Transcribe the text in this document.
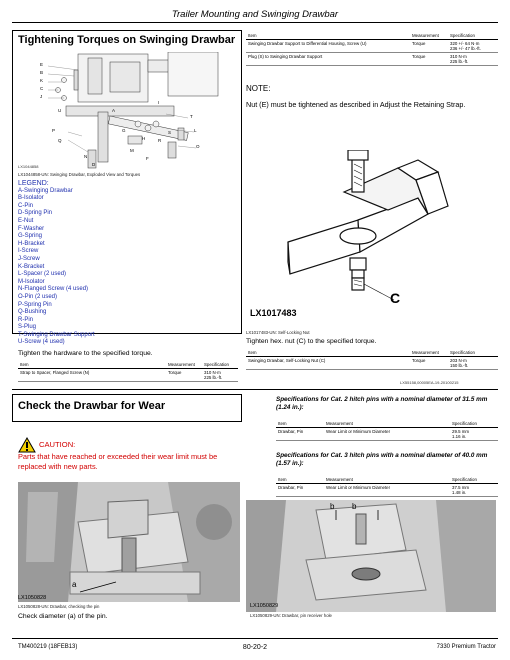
Trailer Mounting and Swinging Drawbar
Tightening Torques on Swinging Drawbar
E
B
K
C
J
I
P
Q
A
T
L
O
G
H	R
S
M
N
D
F
U
LX1044858
LX1044858-UN: Swinging Drawbar, Exploded View and Torques
LEGEND:
A-Swinging Drawbar
B-Isolator
C-Pin
D-Spring Pin
E-Nut
F-Washer
G-Spring
H-Bracket
I-Screw
J-Screw
K-Bracket
L-Spacer (2 used)
M-Isolator
N-Flanged Screw (4 used)
O-Pin (2 used)
P-Spring Pin
Q-Bushing
R-Pin
S-Plug
T-Swinging Drawbar Support
U-Screw (4 used)
Tighten the hardware to the specified torque.
Item	Measurement	Specification
Strap to Spacer, Flanged Screw (N)	Torque	310 N·m
225 lb.-ft.
Item	Measurement	Specification
Swinging Drawbar Support to Differential Housing, Screw (U)	Torque	320 +/- 64 N·m
236 +/- 47 lb.-ft.

Plug (S) to Swinging Drawbar Support	Torque	310 N·m
225 lb.-ft.
NOTE:
Nut (E) must be tightened as described in Adjust the Retaining Strap.
C
LX1017483
LX1017483-UN: Self-Locking Nut
Tighten hex. nut (C) to the specified torque.
Item	Measurement	Specification
Swinging Drawbar, Self-Locking Nut (C)	Torque	203 N·m
150 lb.-ft.
LX55158,00005EA-19-20100215
Check the Drawbar for Wear
CAUTION:
Parts that have reached or exceeded their wear limit must be replaced with new parts.
a
LX1050828
LX1050828-UN: Drawbar, checking the pin
Check diameter (a) of the pin.
Specifications for Cat. 2 hitch pins with a nominal diameter of 31.5 mm (1.24 in.):
Item	Measurement	Specification
Drawbar, Pin	Wear Limit or Minimum Diameter	29.5 mm
1.16 in.
Specifications for Cat. 3 hitch pins with a nominal diameter of 40.0 mm (1.57 in.):
Item	Measurement	Specification
Drawbar, Pin	Wear Limit or Minimum Diameter	37.5 mm
1.48 in.
b b
LX1050829
LX1050829-UN: Drawbar, pin receiver hole
TM400219 (18FEB13)	80-20-2	7330 Premium Tractor
